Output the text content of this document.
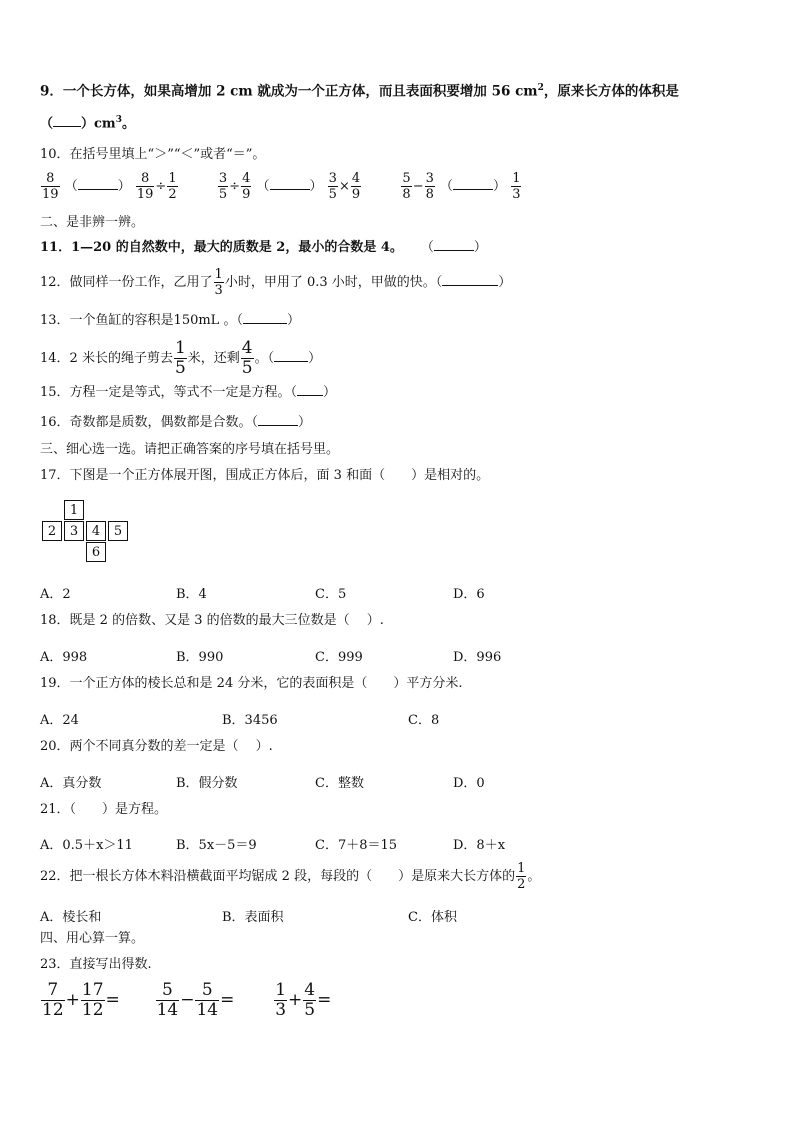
9．一个长方体，如果高增加 2 cm 就成为一个正方体，而且表面积要增加 56 $cm^2$，原来长方体的体积是
（ ）$cm^3$。
10．在括号里填上“＞”“＜”或者“＝”。
$\frac{8}{19}$ （	） $\frac{8}{19} \div \frac{1}{2}$
	$\frac{3}{5} \div \frac{4}{9}$ （	） $\frac{3}{5} \times \frac{4}{9}$
	$\frac{5}{8} - \frac{3}{8}$ （	） $\frac{1}{3}$
二、是非辨一辨。
11．1—20 的自然数中，最大的质数是 2，最小的合数是 4。 （	）
12．做同样一份工作，乙用了 $\frac{1}{3}$ 小时，甲用了 0.3 小时，甲做的快。（	）
13．一个鱼缸的容积是150mL 。（	）
14．2 米长的绳子剪去 $\frac{1}{5}$ 米，还剩 $\frac{4}{5}$ 。（	）
15．方程一定是等式，等式不一定是方程。（ ）
16．奇数都是质数，偶数都是合数。（	）
三、细心选一选。请把正确答案的序号填在括号里。
17．下图是一个正方体展开图，围成正方体后，面 3 和面（　　）是相对的。
1
2	3	4	5
6
A．2	B．4	C．5	D．6
18．既是 2 的倍数、又是 3 的倍数的最大三位数是（　 ）.
A．998	B．990	C．999	D．996
19．一个正方体的棱长总和是 24 分米，它的表面积是（　　）平方分米.
A．24	B．3456	C．8
20．两个不同真分数的差一定是（　 ）.
A．真分数	B．假分数	C．整数	D．0
21．（　　）是方程。
A．0.5＋x＞11	B．5x－5＝9	C．7＋8＝15	D．8＋x
22．把一根长方体木料沿横截面平均锯成 2 段，每段的（　　）是原来大长方体的 $\frac{1}{2}$ 。
A．棱长和	B．表面积	C．体积
四、用心算一算。
23．直接写出得数.
$\frac{7}{12} + \frac{17}{12} = \frac{5}{14} - \frac{5}{14} = \frac{1}{3} + \frac{4}{5}$ =
